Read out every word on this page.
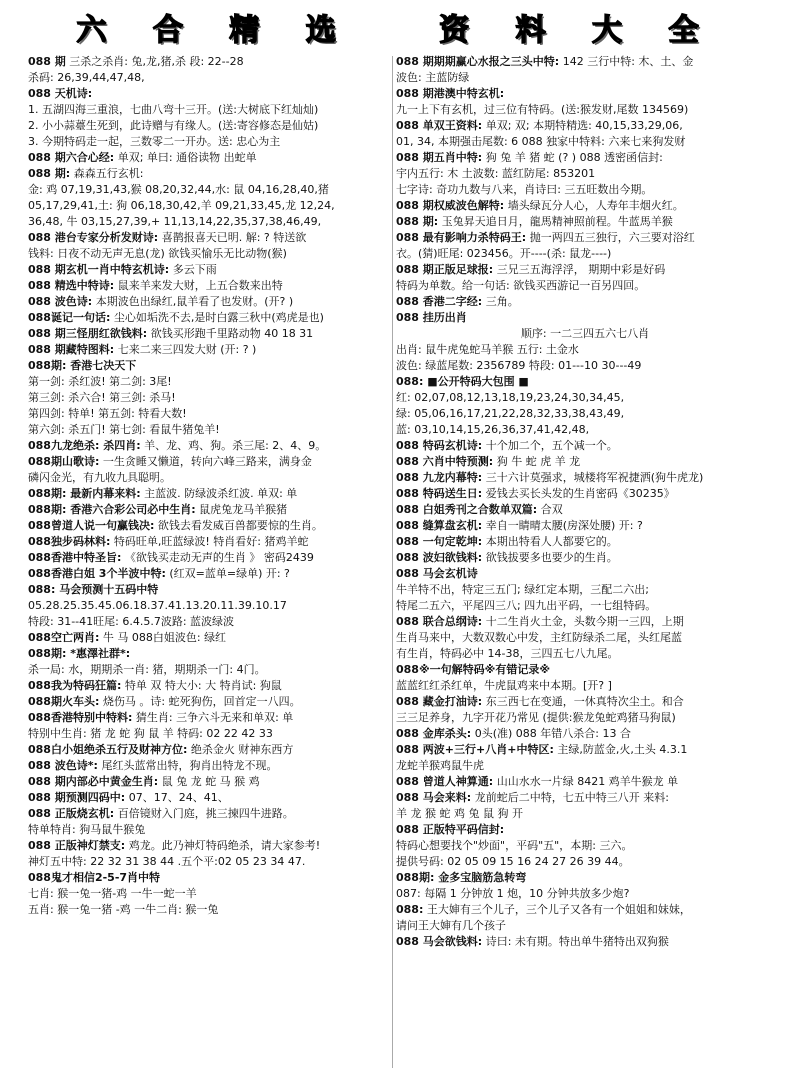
六 合 精 选   资 料 大 全
088 期 三杀之杀肖: 兔,龙,猪,杀 段: 22--28
杀码: 26,39,44,47,48,
088 天机诗:
1. 五湖四海三重浪，七曲八弯十三开。(送:大树底下红灿灿)
2. 小小蒜薹生死到，此诗赠与有缘人。(送:寄容修态是仙姑)
3. 今期特码走一起，三数零二一开办。送: 忠心为主
088 期六合心经: 单双; 单曰: 通俗读物 出蛇单
088 期: 森森五行玄机:
金: 鸡 07,19,31,43,猴 08,20,32,44,水: 鼠 04,16,28,40,猪
05,17,29,41,土: 狗 06,18,30,42,羊 09,21,33,45,龙 12,24,
36,48, 牛 03,15,27,39,+ 11,13,14,22,35,37,38,46,49,
088 港台专家分析发财诗: 喜鹊报喜天已明. 解: ? 特送欲
钱料: 日夜不动无声无息(龙) 欲钱买愉乐无比动物(猴)
088 期玄机一肖中特玄机诗: 多云下雨
088 精选中特诗: 鼠来羊来发大财，上五合数来出特
088 波色诗: 本期波色出绿红,鼠羊看了也发财。(开? )
088诞记一句话: 尘心如垢洗不去,是时白露三秋中(鸡虎是也)
088 期三怪朋红欲钱料: 欲钱买形跑千里路动物 40 18 31
088 期藏特图料: 七来二来三四发大财 (开: ? )
088期: 香港七决天下
第一剑: 杀红波! 第二剑: 3尾!
第三剑: 杀六合! 第三剑: 杀马!
第四剑: 特单! 第五剑: 特看大数!
第六剑: 杀五门! 第七剑: 看鼠牛猪兔羊!
088九龙绝杀: 杀四肖: 羊、龙、鸡、狗。杀三尾: 2、4、9。
088期山歌诗: 一生贪睡又懒道，转向六峰三路来，满身金
磷闪金光，有九收九具聪明。
088期: 最新内幕来料: 主蓝波. 防绿波杀红波. 单双: 单
088期: 香港六合彩公司必中生肖: 鼠虎兔龙马羊猴猪
088曾道人说一句赢钱决: 欲钱去看发威百兽都要惊的生肖。
088独步码林料: 特码旺单,旺蓝绿波! 特肖看好: 猪鸡羊蛇
088香港中特圣旨: 《欲钱买走动无声的生肖 》 密码2439
088香港白姐 3个半波中特: (红双=蓝单=绿单) 开: ?
088: 马会预测十五码中特
05.28.25.35.45.06.18.37.41.13.20.11.39.10.17
特段: 31--41旺尾: 6.4.5.7波路: 蓝波绿波
088空亡两肖: 牛 马 088白姐波色: 绿红
088期: *惠澤社群*:
杀一局: 水，期期杀一肖: 猪，期期杀一门: 4门。
088我为特码狂篇: 特单 双 特大小: 大 特肖试: 狗鼠
088期火车头: 烧伤马 。诗: 蛇死狗伤，回首定一八四。
088香港特别中特料: 猜生肖: 三争六斗无来和单双: 单
特别中生肖: 猪 龙 蛇 狗 鼠 羊 特码: 02 22 42 33
088白小姐绝杀五行及财神方位: 绝杀金火 财神东西方
088 波色诗*: 尾红头蓝常出特，狗肖出特龙不现。
088 期内部必中黄金生肖: 鼠 兔 龙 蛇 马 猴 鸡
088 期预测四码中: 07、17、24、41、
088 正版烧玄机: 百倍镜财入门庭，挑三揀四牛进路。
特单特肖: 狗马鼠牛猴兔
088 正版神灯禁支: 鸡龙。此乃神灯特码绝杀，请大家参考!
神灯五中特: 22 32 31 38 44 .五个平:02 05 23 34 47.
088鬼才相信2-5-7肖中特
七肖: 猴一兔一猪-鸡 一牛一蛇一羊
五肖: 猴一兔一猪 -鸡 一牛二肖: 猴一兔
088 期期期赢心水报之三头中特: 142 三行中特: 木、土、金
波色: 主蓝防绿
088 期港澳中特玄机:
九一上下有玄机，过三位有特码。(送:猴发财,尾数 134569)
088 单双王资料: 单双; 双; 本期特精选: 40,15,33,29,06,
01, 34, 本期强击尾数: 6 088 独家中特料: 六来七来狗发财
088 期五肖中特: 狗 兔 羊 猪 蛇 (? ) 088 透密函信封:
宇内五行: 木 土波数: 蓝红防尾: 853201
七字诗: 奇功九数与八来，肖诗曰: 三五旺数出今期。
088 期权威波色解特: 墙头绿瓦分人心，人寿年丰烟火红。
088 期: 玉兔昇天追日月，龍馬精神照前程。牛蓝馬羊猴
088 最有影响力杀特码王: 抛一两四五三独行，六三要对浴红
衣。(猜)旺尾: 023456。开----(杀: 鼠龙----)
088 期正版足球报: 三兄三五海浮浮， 期期中彩是好码
特码为单数。给一句话: 欲钱买西游记一百另四回。
088 香港二字经: 三角。
088 挂历出肖
顺序: 一二三四五六七八肖
出肖: 鼠牛虎兔蛇马羊猴 五行: 土金水
波色: 绿蓝尾数: 2356789 特段: 01---10 30---49
088: ■公开特码大包围 ■
红: 02,07,08,12,13,18,19,23,24,30,34,45,
绿: 05,06,16,17,21,22,28,32,33,38,43,49,
蓝: 03,10,14,15,26,36,37,41,42,48,
088 特码玄机诗: 十个加二个，五个减一个。
088 六肖中特预测: 狗 牛 蛇 虎 羊 龙
088 九龙内幕特: 三十六计莫强求，城楼将军祝捷洒(狗牛虎龙)
088 特码送生日: 爱钱去买长头发的生肖密码《30235》
088 白姐秀刊之合数单双篇: 合双
088 缝算盘玄机: 幸自一睛晴太腰(房深处腰) 开: ?
088 一句定乾坤: 本期出特看人人都要它的。
088 波妇欲钱料: 欲钱拔要多也要少的生肖。
088 马会玄机诗
牛羊特不出，特定三五门; 绿红定本期，三配二六出;
特尾二五六，平尾四三八; 四九出平码，一七组特码。
088 联合总纲诗: 十二生肖火土金，头数今期一三四，上期
生肖马来中，大数双数心中发，主红防绿杀二尾，头红尾蓝
有生肖，特码必中 14-38，三四五七八九尾。
088※一句解特码※有错记录※
蓝蓝红红杀红单，牛虎鼠鸡来中本期。[开? ]
088 藏金打油诗: 东三西七在变通，一休真特次尘土。和合
三三足养身，九字开花乃常见 (提供:猴龙兔蛇鸡猪马狗鼠)
088 金库杀头: 0头(准) 088 年错八杀合: 13 合
088 两波+三行+八肖+中特区: 主绿,防蓝金,火,土头 4.3.1
龙蛇羊猴鸡鼠牛虎
088 曾道人神算通: 山山水水一片绿 8421 鸡羊牛猴龙 单
088 马会来料: 龙前蛇后二中特，七五中特三八开 来料:
羊 龙 猴 蛇 鸡 兔 鼠 狗 开
088 正版特平码信封:
特码心想要找个"炒面"，平码"五"，本期: 三六。
提供号码: 02 05 09 15 16 24 27 26 39 44。
088期: 金多宝脑筋急转弯
087: 每隔 1 分钟放 1 炮，10 分钟共放多少炮?
088: 王大婶有三个儿子，三个儿子又各有一个姐姐和妹妹，
请问王大婶有几个孩子
088 马会欲钱料: 诗曰: 未有期。特出单牛猪特出双狗猴
